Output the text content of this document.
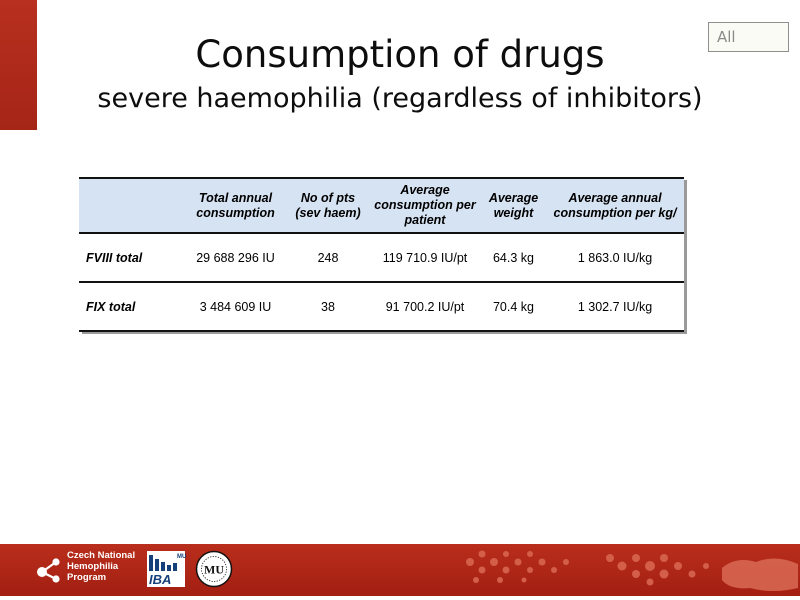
All
Consumption of drugs
severe haemophilia (regardless of inhibitors)
	Total annual consumption	No of pts (sev haem)	Average consumption per patient	Average weight	Average annual consumption per kg/
FVIII total	29 688 296 IU	248	119 710.9 IU/pt	64.3 kg	1 863.0 IU/kg
FIX total	3 484 609 IU	38	91 700.2 IU/pt	70.4 kg	1 302.7 IU/kg
Czech National
Hemophilia
Program
MU
IBA
MU
